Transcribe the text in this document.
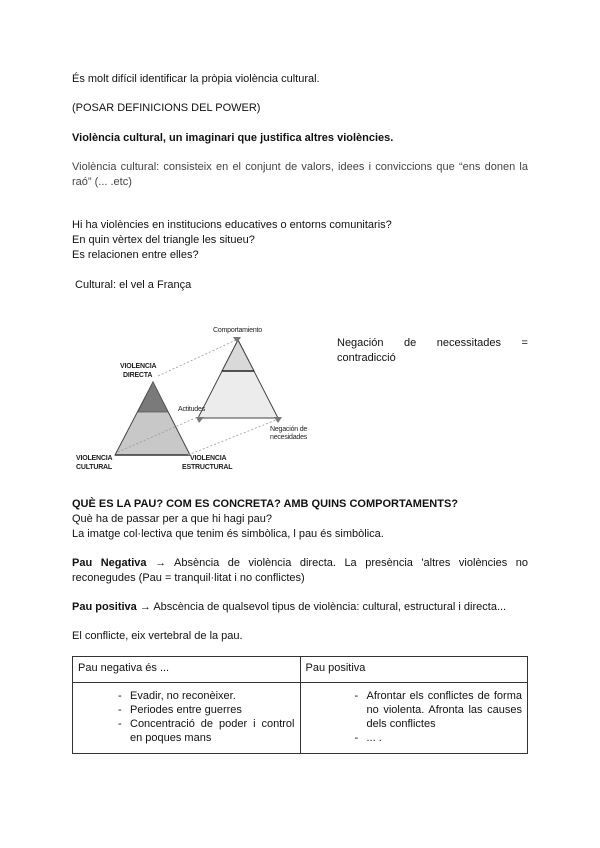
És molt difícil identificar la pròpia violència cultural.

(POSAR DEFINICIONS DEL POWER)

Violència cultural, un imaginari que justifica altres violències.

Violència cultural: consisteix en el conjunt de valors, idees i conviccions que “ens donen la raó” (... .etc)

Hi ha violències en institucions educatives o entorns comunitaris?

En quin vèrtex del triangle les situeu?

Es relacionen entre elles?

Cultural: el vel a França

Comportamiento
VIOLENCIA
DIRECTA
Actitudes
Negación de
necesidades
VIOLENCIA
CULTURAL
VIOLENCIA
ESTRUCTURAL
Negación de necessitades =
contradicció

QUÈ ES LA PAU? COM ES CONCRETA? AMB QUINS COMPORTAMENTS?

Què ha de passar per a que hi hagi pau?

La imatge col·lectiva que tenim és simbòlica, l pau és simbòlica.

Pau Negativa → Absència de violència directa. La presència 'altres violències no reconegudes (Pau = tranquil·litat i no conflictes)

Pau positiva → Abscència de qualsevol tipus de violència: cultural, estructural i directa...

El conflicte, eix vertebral de la pau.

Pau negativa és ...	Pau positiva

- Evadir, no reconèixer.
- Periodes entre guerres
- Concentració de poder i control en poques mans

- Afrontar els conflictes de forma no violenta. Afronta las causes dels conflictes
- ... .
